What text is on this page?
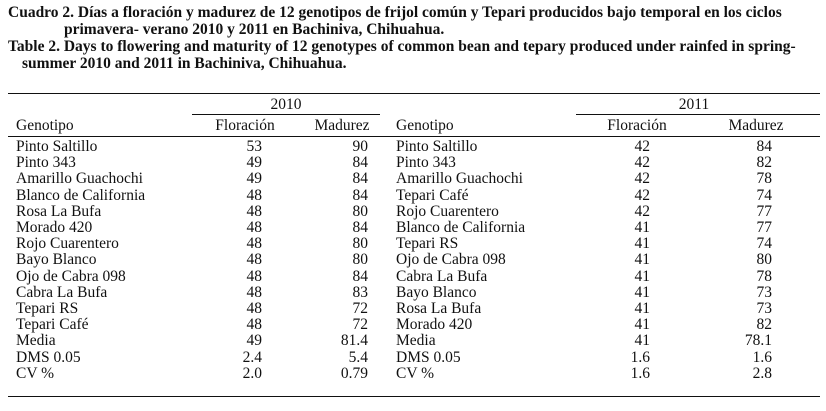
Cuadro 2. Días a floración y madurez de 12 genotipos de frijol común y Tepari producidos bajo temporal en los ciclos
primavera- verano 2010 y 2011 en Bachiniva, Chihuahua.
Table 2. Days to flowering and maturity of 12 genotypes of common bean and tepary produced under rainfed in spring-
summer 2010 and 2011 in Bachiniva, Chihuahua.
2010	2011
Genotipo	Floración	Madurez	Genotipo	Floración	Madurez
Pinto Saltillo	53	90 Pinto Saltillo	42	84
Pinto 343	49	84 Pinto 343	42	82
Amarillo Guachochi	49	84 Amarillo Guachochi	42	78
Blanco de California	48	84 Tepari Café	42	74
Rosa La Bufa	48	80 Rojo Cuarentero	42	77
Morado 420	48	84 Blanco de California	41	77
Rojo Cuarentero	48	80 Tepari RS	41	74
Bayo Blanco	48	80 Ojo de Cabra 098	41	80
Ojo de Cabra 098	48	84 Cabra La Bufa	41	78
Cabra La Bufa	48	83 Bayo Blanco	41	73
Tepari RS	48	72 Rosa La Bufa	41	73
Tepari Café	48	72 Morado 420	41	82
Media	49	81.4 Media	41	78.1
DMS 0.05	2.4	5.4 DMS 0.05	1.6	1.6
CV %	2.0	0.79 CV %	1.6	2.8
